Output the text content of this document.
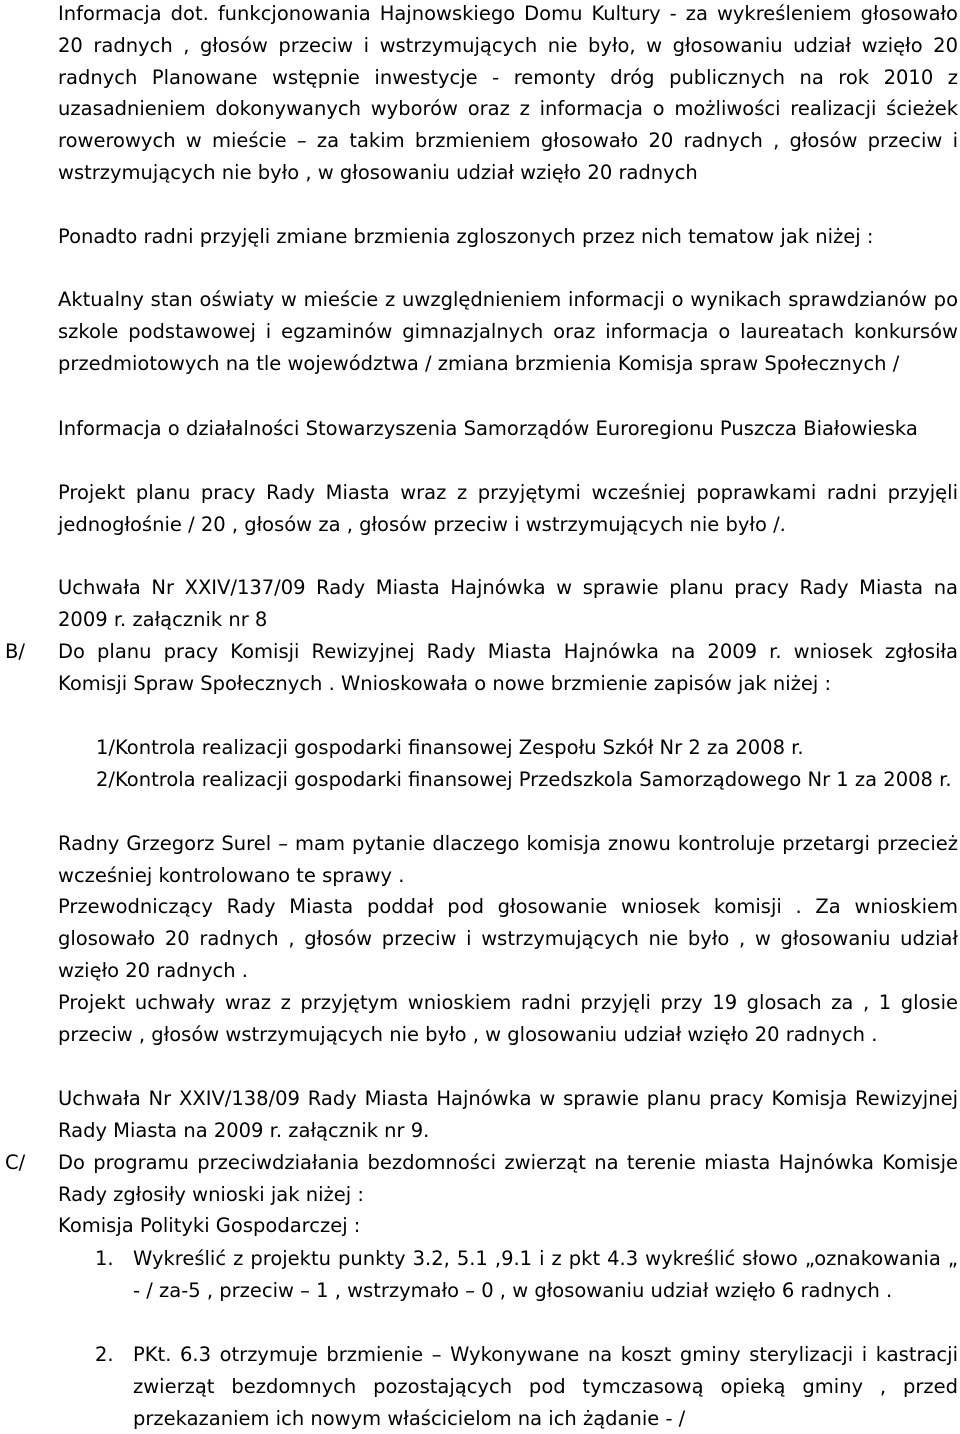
Informacja dot. funkcjonowania Hajnowskiego Domu Kultury - za wykreśleniem głosowało 20 radnych , głosów przeciw i wstrzymujących nie było, w głosowaniu udział wzięło 20 radnych Planowane wstępnie inwestycje - remonty dróg publicznych na rok 2010 z uzasadnieniem dokonywanych wyborów oraz z informacja o możliwości realizacji ścieżek rowerowych w mieście – za takim brzmieniem głosowało 20 radnych , głosów przeciw i wstrzymujących nie było , w głosowaniu udział wzięło 20 radnych

Ponadto radni przyjęli zmiane brzmienia zgloszonych przez nich tematow jak niżej :

Aktualny stan oświaty w mieście z uwzględnieniem informacji o wynikach sprawdzianów po szkole podstawowej i egzaminów gimnazjalnych oraz informacja o laureatach konkursów przedmiotowych na tle województwa / zmiana brzmienia Komisja spraw Społecznych /

Informacja o działalności Stowarzyszenia Samorządów Euroregionu Puszcza Białowieska

Projekt planu pracy Rady Miasta wraz z przyjętymi wcześniej poprawkami radni przyjęli jednogłośnie / 20 , głosów za , głosów przeciw i wstrzymujących nie było /.

Uchwała Nr XXIV/137/09 Rady Miasta Hajnówka w sprawie planu pracy Rady Miasta na 2009 r. załącznik nr 8

B/ Do planu pracy Komisji Rewizyjnej Rady Miasta Hajnówka na 2009 r. wniosek zgłosiła Komisji Spraw Społecznych . Wnioskowała o nowe brzmienie zapisów jak niżej :

1/Kontrola realizacji gospodarki finansowej Zespołu Szkół Nr 2 za 2008 r.

2/Kontrola realizacji gospodarki finansowej Przedszkola Samorządowego Nr 1 za 2008 r.

Radny Grzegorz Surel – mam pytanie dlaczego komisja znowu kontroluje przetargi przecież wcześniej kontrolowano te sprawy .

Przewodniczący Rady Miasta poddał pod głosowanie wniosek komisji . Za wnioskiem glosowało 20 radnych , głosów przeciw i wstrzymujących nie było , w głosowaniu udział wzięło 20 radnych .

Projekt uchwały wraz z przyjętym wnioskiem radni przyjęli przy 19 glosach za , 1 glosie przeciw , głosów wstrzymujących nie było , w glosowaniu udział wzięło 20 radnych .

Uchwała Nr XXIV/138/09 Rady Miasta Hajnówka w sprawie planu pracy Komisja Rewizyjnej Rady Miasta na 2009 r. załącznik nr 9.

C/ Do programu przeciwdziałania bezdomności zwierząt na terenie miasta Hajnówka Komisje Rady zgłosiły wnioski jak niżej :

Komisja Polityki Gospodarczej :

1. Wykreślić z projektu punkty 3.2, 5.1 ,9.1 i z pkt 4.3 wykreślić słowo „oznakowania „ - / za-5 , przeciw – 1 , wstrzymało – 0 , w głosowaniu udział wzięło 6 radnych .

2. PKt. 6.3 otrzymuje brzmienie – Wykonywane na koszt gminy sterylizacji i kastracji zwierząt bezdomnych pozostających pod tymczasową opieką gminy , przed przekazaniem ich nowym właścicielom na ich żądanie - /
